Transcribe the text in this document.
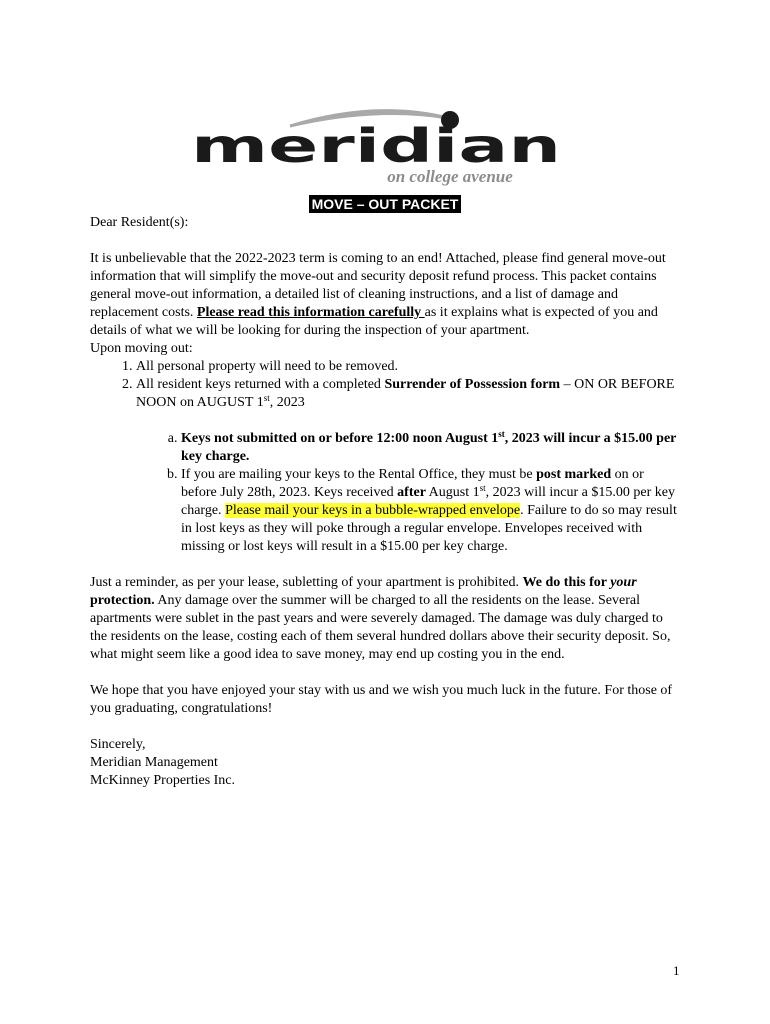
meridian
on college avenue
MOVE – OUT PACKET

Dear Resident(s):

It is unbelievable that the 2022-2023 term is coming to an end! Attached, please find general move-out information that will simplify the move-out and security deposit refund process. This packet contains general move-out information, a detailed list of cleaning instructions, and a list of damage and replacement costs. Please read this information carefully as it explains what is expected of you and details of what we will be looking for during the inspection of your apartment.

Upon moving out:

1. All personal property will need to be removed.
2. All resident keys returned with a completed Surrender of Possession form – ON OR BEFORE NOON on AUGUST 1st, 2023
a. Keys not submitted on or before 12:00 noon August 1st, 2023 will incur a $15.00 per key charge.
b. If you are mailing your keys to the Rental Office, they must be post marked on or before July 28th, 2023. Keys received after August 1st, 2023 will incur a $15.00 per key charge. Please mail your keys in a bubble-wrapped envelope. Failure to do so may result in lost keys as they will poke through a regular envelope. Envelopes received with missing or lost keys will result in a $15.00 per key charge.

Just a reminder, as per your lease, subletting of your apartment is prohibited. We do this for your protection. Any damage over the summer will be charged to all the residents on the lease. Several apartments were sublet in the past years and were severely damaged. The damage was duly charged to the residents on the lease, costing each of them several hundred dollars above their security deposit. So, what might seem like a good idea to save money, may end up costing you in the end.

We hope that you have enjoyed your stay with us and we wish you much luck in the future. For those of you graduating, congratulations!

Sincerely,

Meridian Management

McKinney Properties Inc.

1
